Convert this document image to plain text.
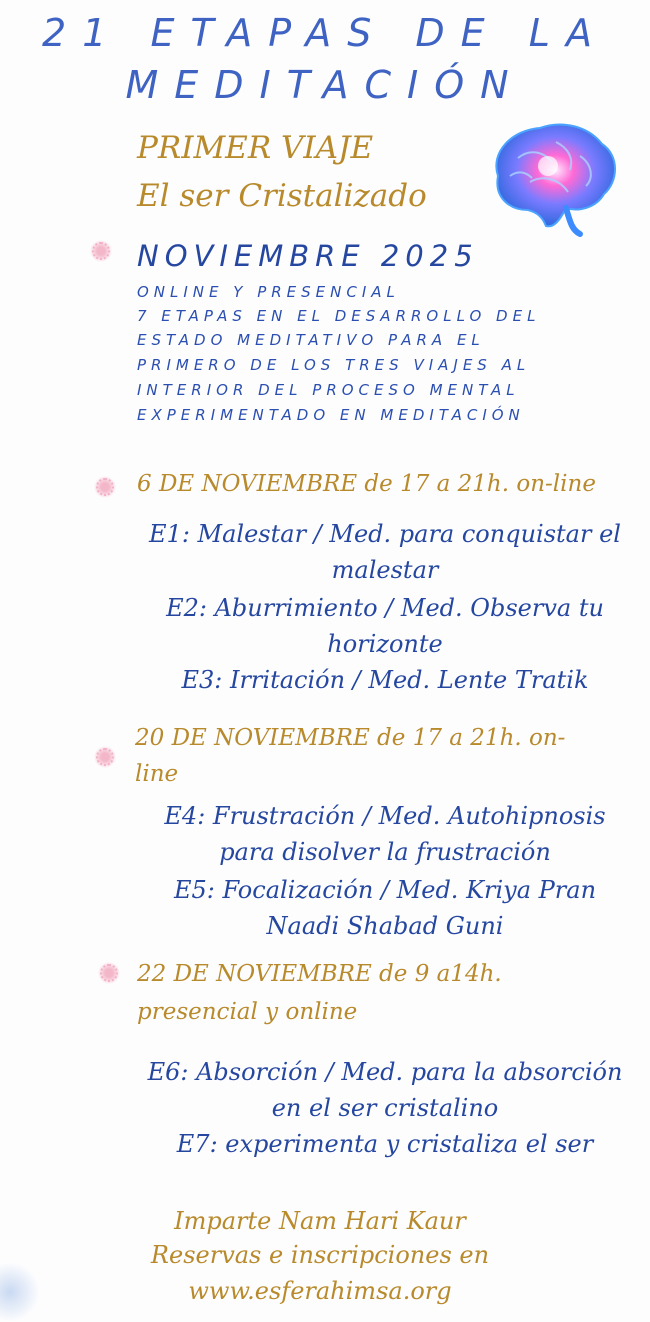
21 ETAPAS DE LA
MEDITACIÓN
PRIMER VIAJE
El ser Cristalizado
NOVIEMBRE 2025
ONLINE Y PRESENCIAL
7 ETAPAS EN EL DESARROLLO DEL
ESTADO MEDITATIVO PARA EL
PRIMERO DE LOS TRES VIAJES AL
INTERIOR DEL PROCESO MENTAL
EXPERIMENTADO EN MEDITACIÓN
6 DE NOVIEMBRE de 17 a 21h. on-line
E1: Malestar / Med. para conquistar el
malestar
E2: Aburrimiento / Med. Observa tu
horizonte
E3: Irritación / Med. Lente Tratik
20 DE NOVIEMBRE de 17 a 21h. on-
line
E4: Frustración / Med. Autohipnosis
para disolver la frustración
E5: Focalización / Med. Kriya Pran
Naadi Shabad Guni
22 DE NOVIEMBRE de 9 a14h.
presencial y online
E6: Absorción / Med. para la absorción
en el ser cristalino
E7: experimenta y cristaliza el ser
Imparte Nam Hari Kaur
Reservas e inscripciones en
www.esferahimsa.org
